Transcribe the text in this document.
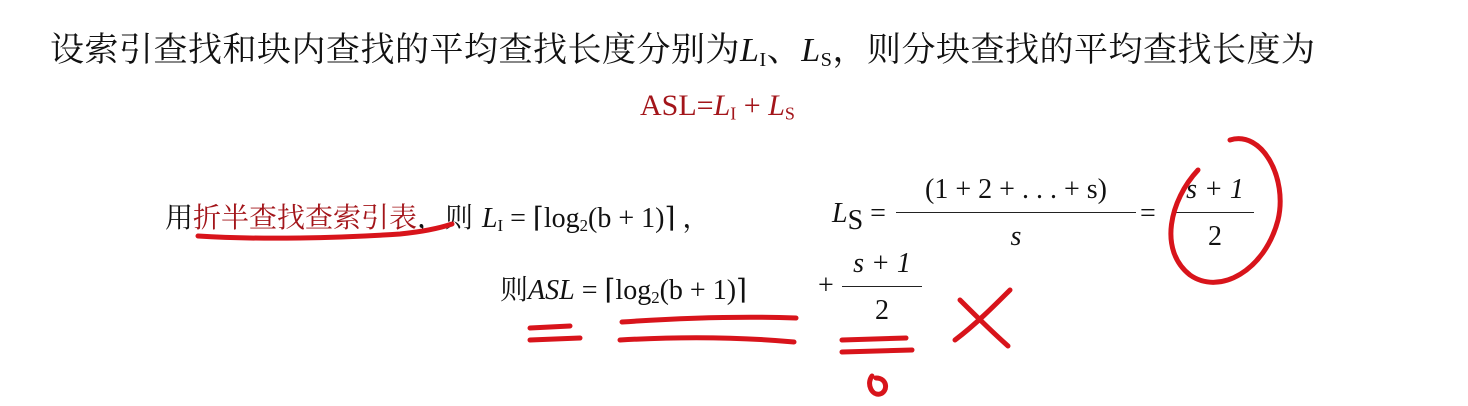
设索引查找和块内查找的平均查找长度分别为$L_I$、$L_S$，则分块查找的平均查找长度为
$ASL=L_I + L_S$
用折半查找查索引表，则 $L_I$ = $⌈\log_2(b$ + 1)⌉ ，	LS =
(1 + 2 + . . . + s)
s
=
s + 1
2
则ASL = $⌈\log_2(b$ + 1)⌉	+
s + 1
2
